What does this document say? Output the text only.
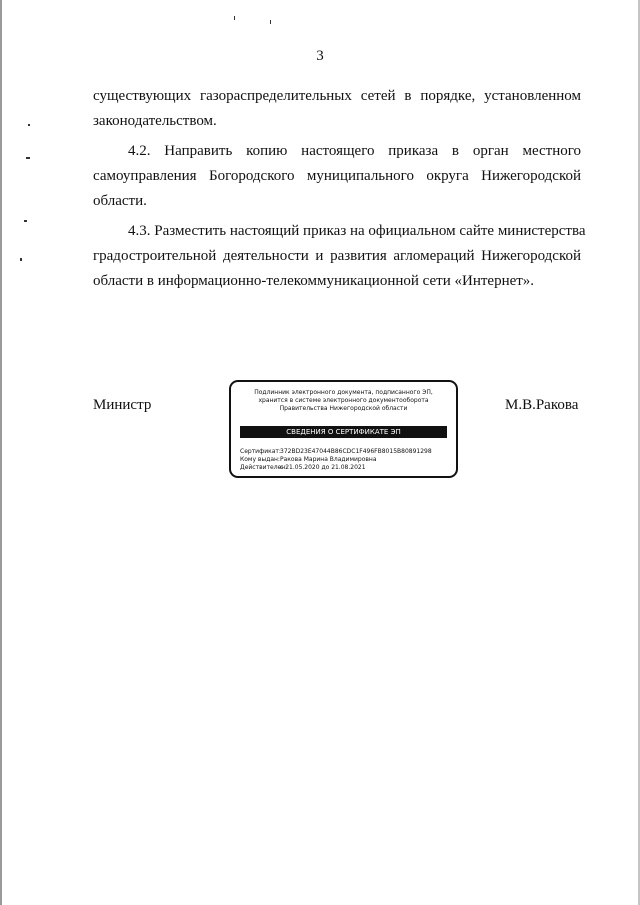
3
существующих газораспределительных сетей в порядке, установленном
законодательством.
4.2. Направить копию настоящего приказа в орган местного
самоуправления Богородского муниципального округа Нижегородской
области.
4.3. Разместить настоящий приказ на официальном сайте министерства
градостроительной деятельности и развития агломераций Нижегородской
области в информационно-телекоммуникационной сети «Интернет».
Министр	М.В.Ракова
Подлинник электронного документа, подписанного ЭП,
хранится в системе электронного документооборота
Правительства Нижегородской области
СВЕДЕНИЯ О СЕРТИФИКАТЕ ЭП
Сертификат:372BD23E47044B86CDC1F496FB8015B80891298
Кому выдан:Ракова Марина Владимировна
Действителен:с 21.05.2020 до 21.08.2021
